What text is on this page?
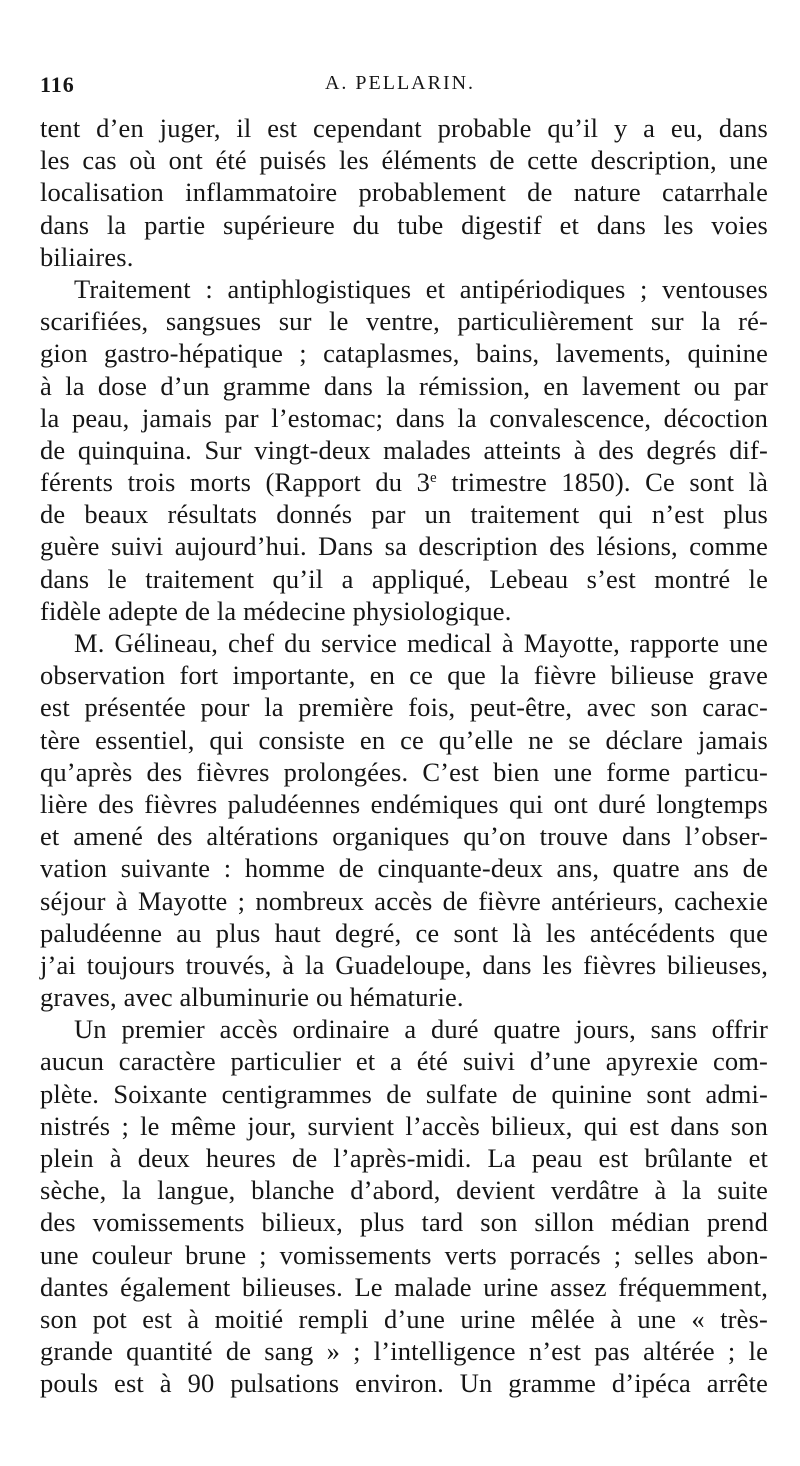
116	A. PELLARIN.
tent d’en juger, il est cependant probable qu’il y a eu, dans
les cas où ont été puisés les éléments de cette description, une
localisation inflammatoire probablement de nature catarrhale
dans la partie supérieure du tube digestif et dans les voies
biliaires.
Traitement : antiphlogistiques et antipériodiques ; ventouses
scarifiées, sangsues sur le ventre, particulièrement sur la ré-
gion gastro-hépatique ; cataplasmes, bains, lavements, quinine
à la dose d’un gramme dans la rémission, en lavement ou par
la peau, jamais par l’estomac; dans la convalescence, décoction
de quinquina. Sur vingt-deux malades atteints à des degrés dif-
férents trois morts (Rapport du 3e trimestre 1850). Ce sont là
de beaux résultats donnés par un traitement qui n’est plus
guère suivi aujourd’hui. Dans sa description des lésions, comme
dans le traitement qu’il a appliqué, Lebeau s’est montré le
fidèle adepte de la médecine physiologique.
M. Gélineau, chef du service medical à Mayotte, rapporte une
observation fort importante, en ce que la fièvre bilieuse grave
est présentée pour la première fois, peut-être, avec son carac-
tère essentiel, qui consiste en ce qu’elle ne se déclare jamais
qu’après des fièvres prolongées. C’est bien une forme particu-
lière des fièvres paludéennes endémiques qui ont duré longtemps
et amené des altérations organiques qu’on trouve dans l’obser-
vation suivante : homme de cinquante-deux ans, quatre ans de
séjour à Mayotte ; nombreux accès de fièvre antérieurs, cachexie
paludéenne au plus haut degré, ce sont là les antécédents que
j’ai toujours trouvés, à la Guadeloupe, dans les fièvres bilieuses,
graves, avec albuminurie ou hématurie.
Un premier accès ordinaire a duré quatre jours, sans offrir
aucun caractère particulier et a été suivi d’une apyrexie com-
plète. Soixante centigrammes de sulfate de quinine sont admi-
nistrés ; le même jour, survient l’accès bilieux, qui est dans son
plein à deux heures de l’après-midi. La peau est brûlante et
sèche, la langue, blanche d’abord, devient verdâtre à la suite
des vomissements bilieux, plus tard son sillon médian prend
une couleur brune ; vomissements verts porracés ; selles abon-
dantes également bilieuses. Le malade urine assez fréquemment,
son pot est à moitié rempli d’une urine mêlée à une « très-
grande quantité de sang » ; l’intelligence n’est pas altérée ; le
pouls est à 90 pulsations environ. Un gramme d’ipéca arrête
